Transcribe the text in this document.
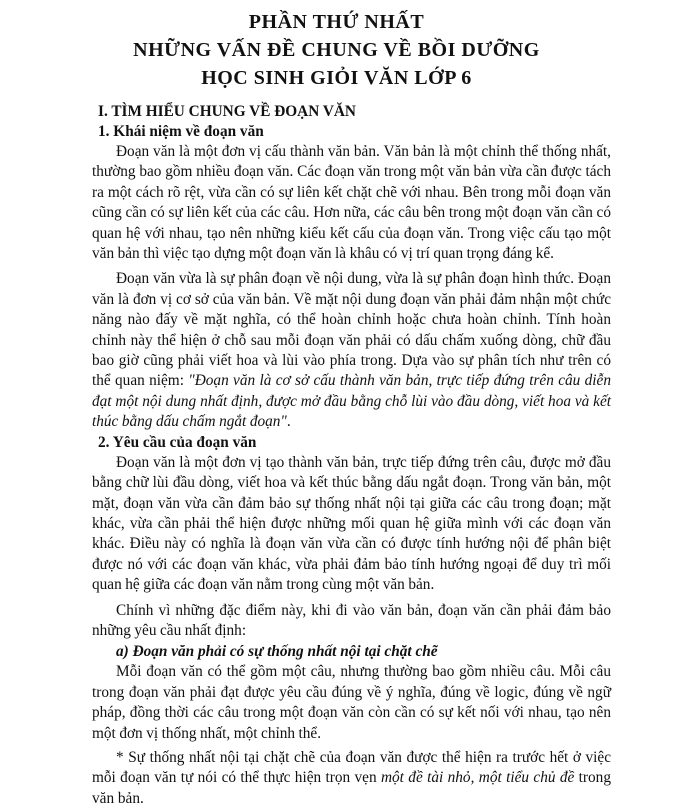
PHẦN THỨ NHẤT
NHỮNG VẤN ĐỀ CHUNG VỀ BỒI DƯỠNG
HỌC SINH GIỎI VĂN LỚP 6
I. TÌM HIỂU CHUNG VỀ ĐOẠN VĂN
1. Khái niệm về đoạn văn

Đoạn văn là một đơn vị cấu thành văn bản. Văn bản là một chỉnh thể thống nhất, thường bao gồm nhiều đoạn văn. Các đoạn văn trong một văn bản vừa cần được tách ra một cách rõ rệt, vừa cần có sự liên kết chặt chẽ với nhau. Bên trong mỗi đoạn văn cũng cần có sự liên kết của các câu. Hơn nữa, các câu bên trong một đoạn văn cần có quan hệ với nhau, tạo nên những kiểu kết cấu của đoạn văn. Trong việc cấu tạo một văn bản thì việc tạo dựng một đoạn văn là khâu có vị trí quan trọng đáng kể.

Đoạn văn vừa là sự phân đoạn về nội dung, vừa là sự phân đoạn hình thức. Đoạn văn là đơn vị cơ sở của văn bản. Về mặt nội dung đoạn văn phải đảm nhận một chức năng nào đấy về mặt nghĩa, có thể hoàn chỉnh hoặc chưa hoàn chỉnh. Tính hoàn chỉnh này thể hiện ở chỗ sau mỗi đoạn văn phải có dấu chấm xuống dòng, chữ đầu bao giờ cũng phải viết hoa và lùi vào phía trong. Dựa vào sự phân tích như trên có thể quan niệm: "Đoạn văn là cơ sở cấu thành văn bản, trực tiếp đứng trên câu diễn đạt một nội dung nhất định, được mở đầu bằng chỗ lùi vào đầu dòng, viết hoa và kết thúc bằng dấu chấm ngắt đoạn".

2. Yêu cầu của đoạn văn

Đoạn văn là một đơn vị tạo thành văn bản, trực tiếp đứng trên câu, được mở đầu bằng chữ lùi đầu dòng, viết hoa và kết thúc bằng dấu ngắt đoạn. Trong văn bản, một mặt, đoạn văn vừa cần đảm bảo sự thống nhất nội tại giữa các câu trong đoạn; mặt khác, vừa cần phải thể hiện được những mối quan hệ giữa mình với các đoạn văn khác. Điều này có nghĩa là đoạn văn vừa cần có được tính hướng nội để phân biệt được nó với các đoạn văn khác, vừa phải đảm bảo tính hướng ngoại để duy trì mối quan hệ giữa các đoạn văn nằm trong cùng một văn bản.

Chính vì những đặc điểm này, khi đi vào văn bản, đoạn văn cần phải đảm bảo những yêu cầu nhất định:

a) Đoạn văn phải có sự thống nhất nội tại chặt chẽ

Mỗi đoạn văn có thể gồm một câu, nhưng thường bao gồm nhiều câu. Mỗi câu trong đoạn văn phải đạt được yêu cầu đúng về ý nghĩa, đúng về logic, đúng về ngữ pháp, đồng thời các câu trong một đoạn văn còn cần có sự kết nối với nhau, tạo nên một đơn vị thống nhất, một chỉnh thể.

* Sự thống nhất nội tại chặt chẽ của đoạn văn được thể hiện ra trước hết ở việc mỗi đoạn văn tự nói có thể thực hiện trọn vẹn một đề tài nhỏ, một tiểu chủ đề trong văn bản.
